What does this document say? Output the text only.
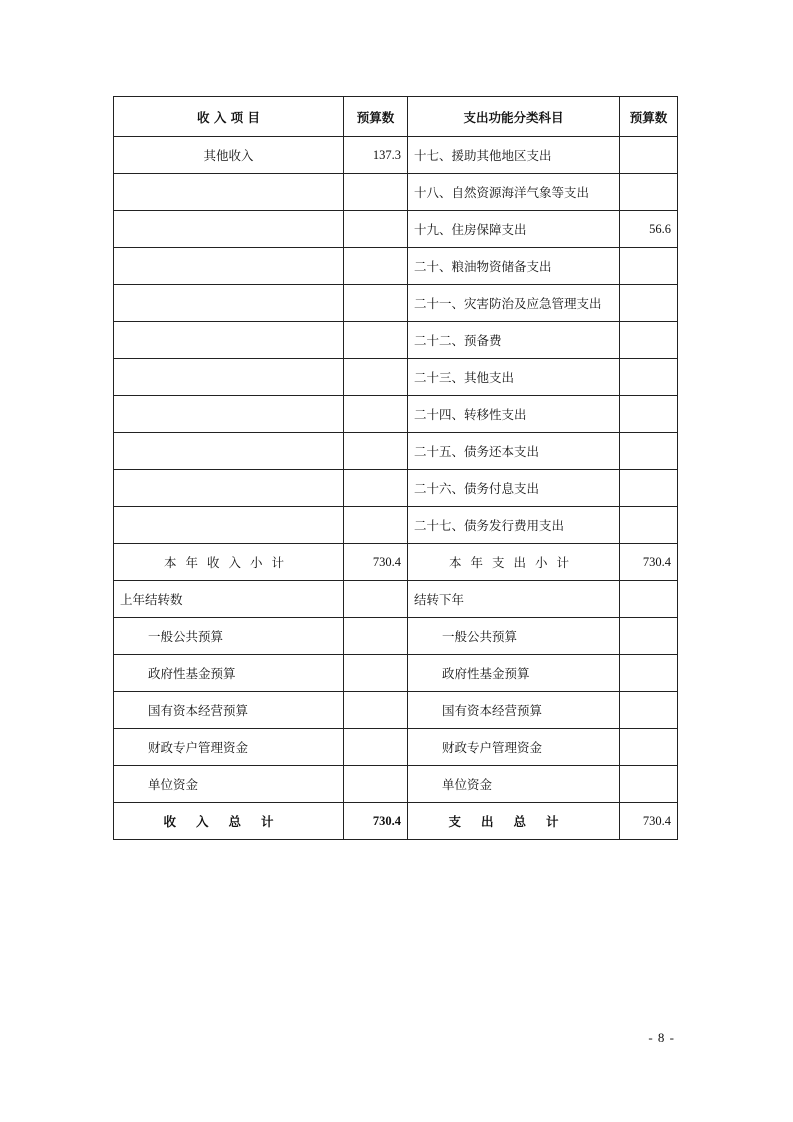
收 入 项 目	预算数	支出功能分类科目	预算数
其他收入	137.3	十七、援助其他地区支出	
		十八、自然资源海洋气象等支出	
		十九、住房保障支出	56.6
		二十、粮油物资储备支出	
		二十一、灾害防治及应急管理支出	
		二十二、预备费	
		二十三、其他支出	
		二十四、转移性支出	
		二十五、债务还本支出	
		二十六、债务付息支出	
		二十七、债务发行费用支出	
本年收入小计	730.4	本年支出小计	730.4
上年结转数		结转下年	
一般公共预算		一般公共预算	
政府性基金预算		政府性基金预算	
国有资本经营预算		国有资本经营预算	
财政专户管理资金		财政专户管理资金	
单位资金		单位资金	
收入总计	730.4	支出总计	730.4
- 8 -
